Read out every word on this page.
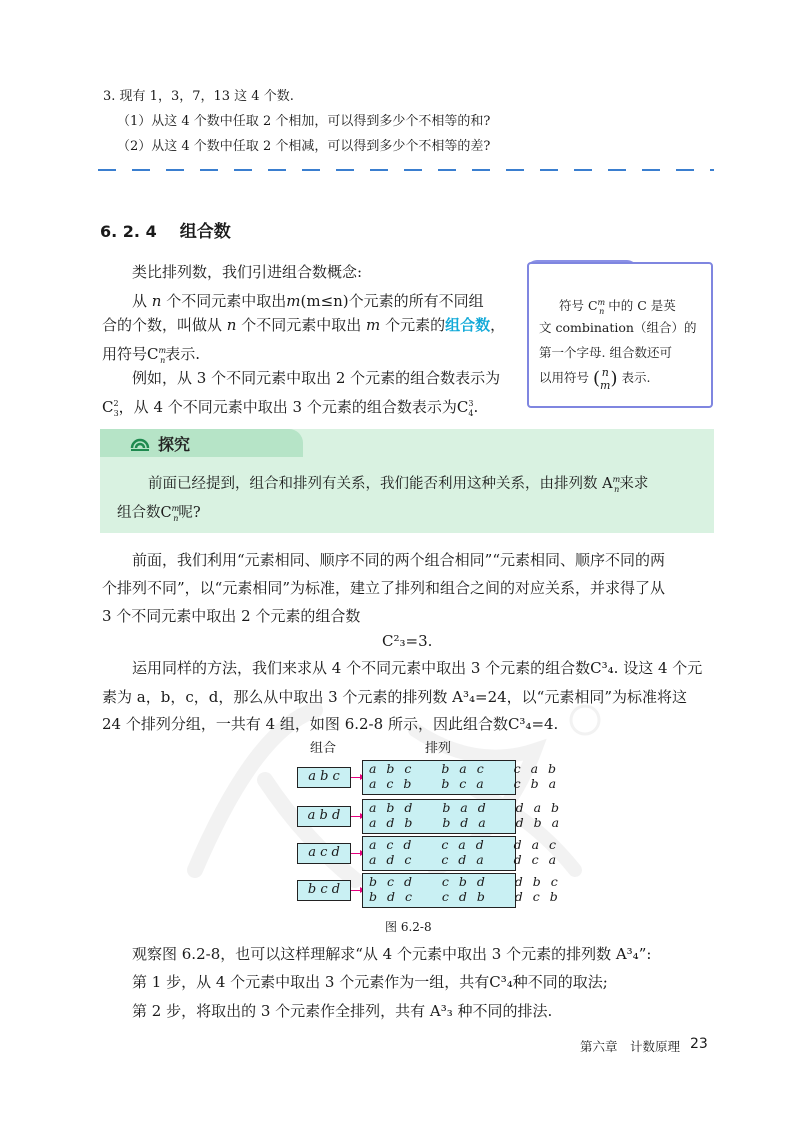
3. 现有 1，3，7，13 这 4 个数.
（1）从这 4 个数中任取 2 个相加，可以得到多少个不相等的和?
（2）从这 4 个数中任取 2 个相减，可以得到多少个不相等的差?
6. 2. 4 组合数
类比排列数，我们引进组合数概念:
从 n 个不同元素中取出m(m≤n)个元素的所有不同组
合的个数，叫做从 n 个不同元素中取出 m 个元素的组合数，
用符号$C^m_n$表示.
例如，从 3 个不同元素中取出 2 个元素的组合数表示为
$C^2_3$，从 4 个不同元素中取出 3 个元素的组合数表示为$C^3_4$.
符号 $C^m_n$ 中的 C 是英
文 combination（组合）的
第一个字母. 组合数还可
以用符号 ( n
m) 表示.
探究
前面已经提到，组合和排列有关系，我们能否利用这种关系，由排列数 $A^m_n$来求
组合数$C^m_n$呢?
前面，我们利用“元素相同、顺序不同的两个组合相同”“元素相同、顺序不同的两
个排列不同”，以“元素相同”为标准，建立了排列和组合之间的对应关系，并求得了从
3 个不同元素中取出 2 个元素的组合数
C²₃=3.
运用同样的方法，我们来求从 4 个不同元素中取出 3 个元素的组合数C³₄. 设这 4 个元
素为 a，b，c，d，那么从中取出 3 个元素的排列数 A³₄=24，以“元素相同”为标准将这
24 个排列分组，一共有 4 组，如图 6.2-8 所示，因此组合数C³₄=4.
组合	排列
a b c
a b c   b a c   c a b
a c b   b c a   c b a
a b d
a b d   b a d   d a b
a d b   b d a   d b a
a c d
a c d   c a d   d a c
a d c   c d a   d c a
b c d
b c d   c b d   d b c
b d c   c d b   d c b
图 6.2-8
观察图 6.2-8，也可以这样理解求“从 4 个元素中取出 3 个元素的排列数 A³₄”:
第 1 步，从 4 个元素中取出 3 个元素作为一组，共有C³₄种不同的取法;
第 2 步，将取出的 3 个元素作全排列，共有 A³₃ 种不同的排法.
第六章　计数原理 23
